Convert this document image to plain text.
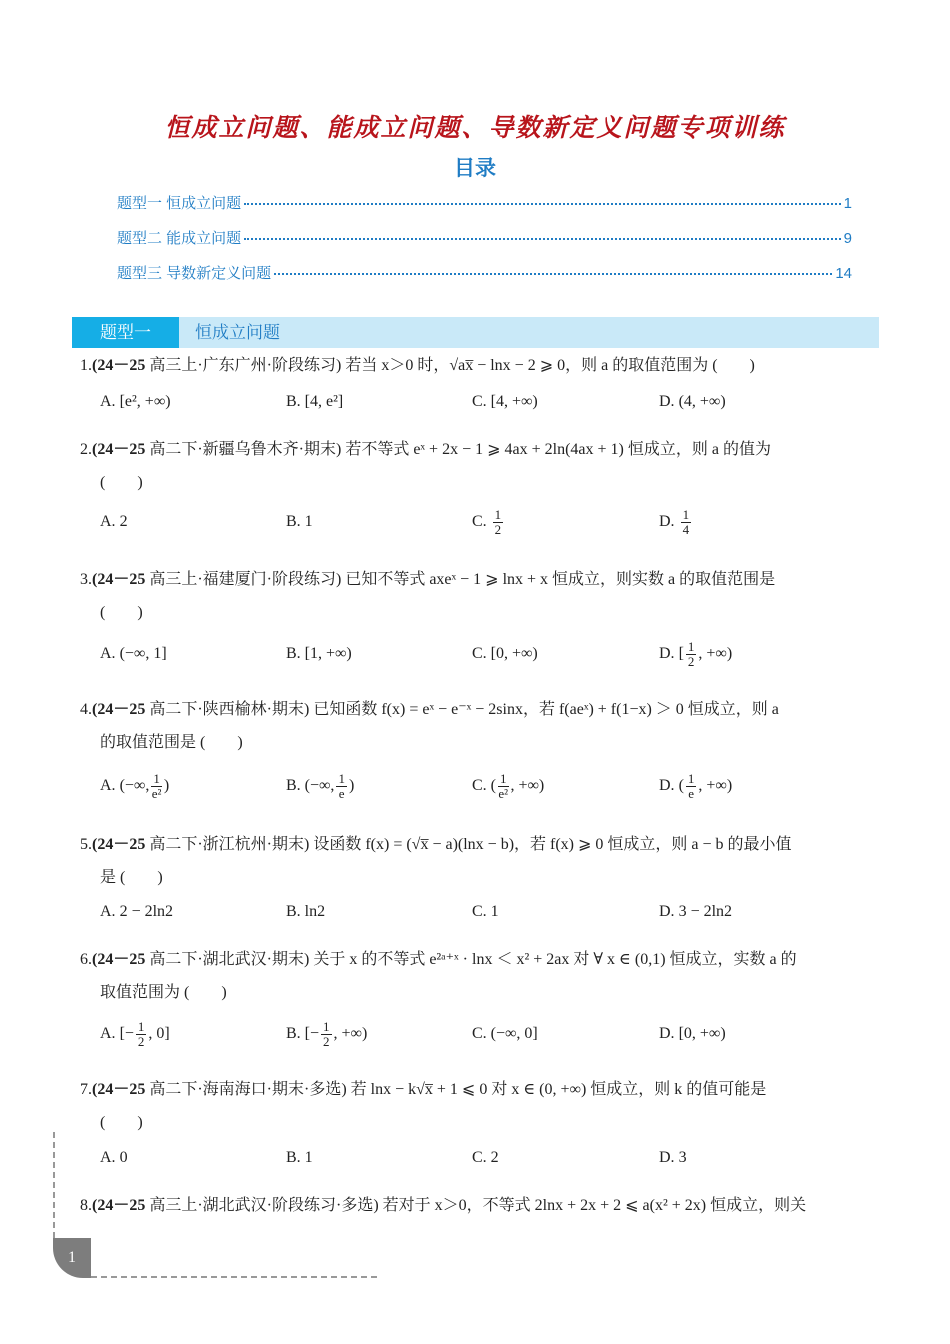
恒成立问题、能成立问题、导数新定义问题专项训练
目录
题型一 恒成立问题	1
题型二 能成立问题	9
题型三 导数新定义问题	14
题型一	恒成立问题
1.(24－25 高三上·广东广州·阶段练习) 若当 x＞0 时，√ax̅ − lnx − 2 ⩾ 0，则 a 的取值范围为 (　　)
A.
[e², +∞)	B.
[4, e²]	C.
[4, +∞)	D.
(4, +∞)
2.(24－25 高二下·新疆乌鲁木齐·期末) 若不等式 eˣ + 2x − 1 ⩾ 4ax + 2ln(4ax + 1) 恒成立，则 a 的值为
(　　)
A.
2	B.
1	C.
$\frac{1}{2}$	D.
$\frac{1}{4}$
3.(24－25 高三上·福建厦门·阶段练习) 已知不等式 axeˣ − 1 ⩾ lnx + x 恒成立，则实数 a 的取值范围是
(　　)
A.
(−∞, 1]	B.
[1, +∞)	C.
[0, +∞)	D.
[ $\frac{1}{2}$ , +∞)
4.(24－25 高二下·陕西榆林·期末) 已知函数 f(x) = eˣ − e⁻ˣ − 2sinx，若 f(aeˣ) + f(1−x) ＞ 0 恒成立，则 a
的取值范围是 (　　)
A.
(−∞, $\frac{1}{\text{e²}}$ )	B.
(−∞, $\frac{1}{e}$ )	C.
( $\frac{1}{\text{e²}}$ , +∞)	D.
( $\frac{1}{e}$ , +∞)
5.(24－25 高二下·浙江杭州·期末) 设函数 f(x) = (√x̅ − a)(lnx − b)，若 f(x) ⩾ 0 恒成立，则 a − b 的最小值
是 (　　)
A.
2 − 2ln2	B.
ln2	C.
1	D.
3 − 2ln2
6.(24－25 高二下·湖北武汉·期末) 关于 x 的不等式 e²ᵃ⁺ˣ · lnx ＜ x² + 2ax 对 ∀ x ∈ (0,1) 恒成立，实数 a 的
取值范围为 (　　)
A.
[− $\frac{1}{2}$ , 0]	B.
[− $\frac{1}{2}$ , +∞)	C.
(−∞, 0]	D.
[0, +∞)
7.(24－25 高二下·海南海口·期末·多选) 若 lnx − k√x̅ + 1 ⩽ 0 对 x ∈ (0, +∞) 恒成立，则 k 的值可能是
(　　)
A.
0	B.
1	C.
2	D.
3
8.(24－25 高三上·湖北武汉·阶段练习·多选) 若对于 x＞0，不等式 2lnx + 2x + 2 ⩽ a(x² + 2x) 恒成立，则关
1
